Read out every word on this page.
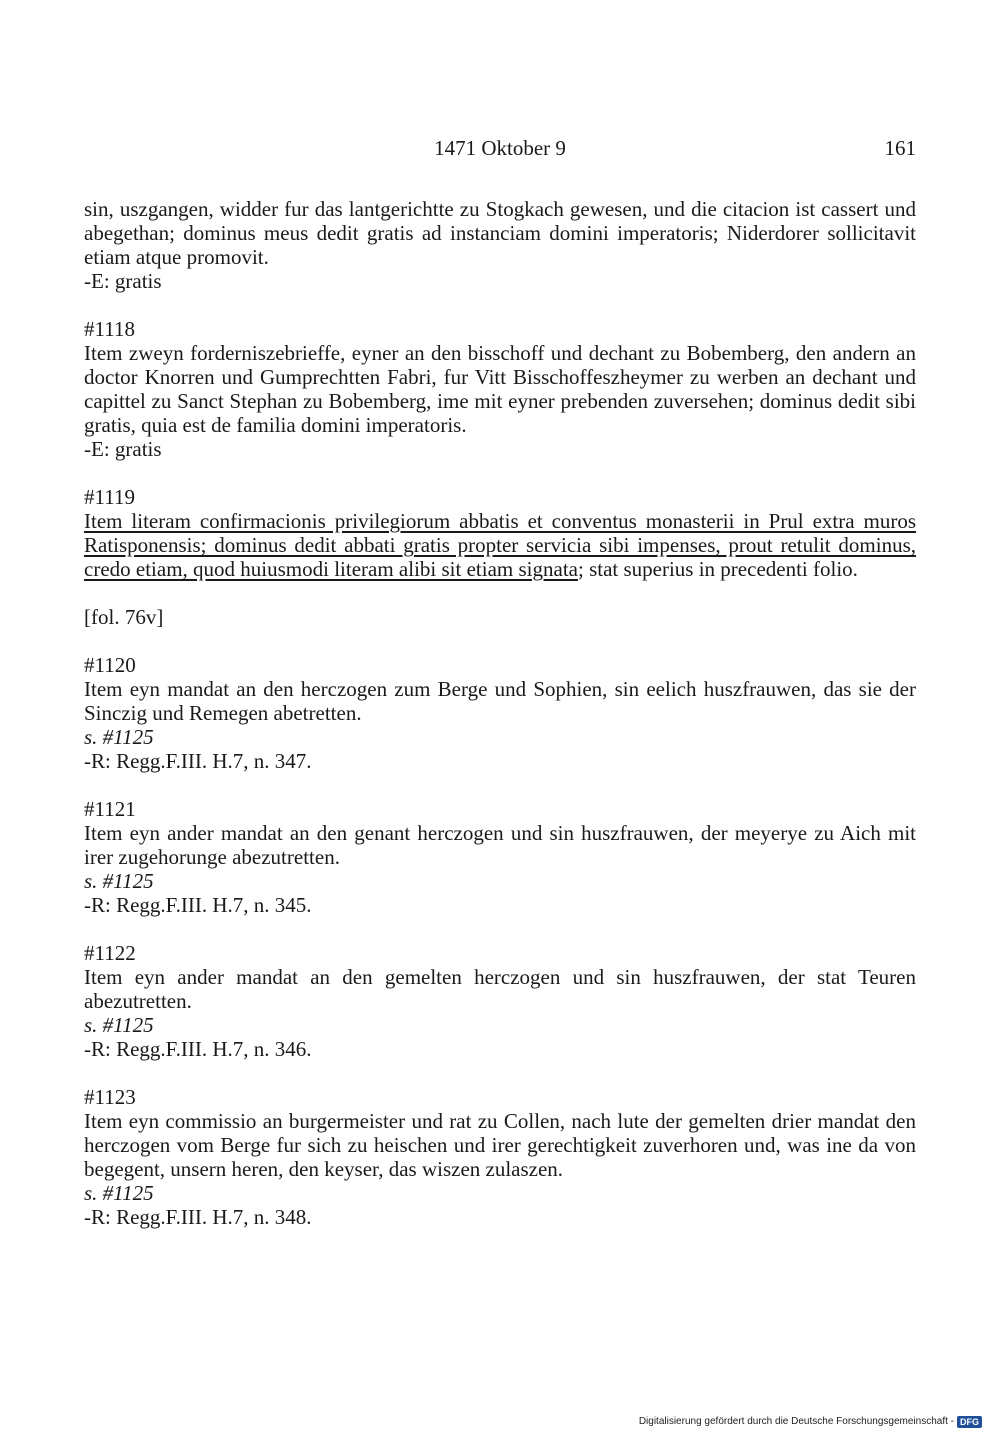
1471 Oktober 9	161

sin, uszgangen, widder fur das lantgerichtte zu Stogkach gewesen, und die citacion ist cassert und abegethan; dominus meus dedit gratis ad instanciam domini imperatoris; Niderdorer sollicitavit etiam atque promovit.

-E: gratis
#1118

Item zweyn forderniszebrieffe, eyner an den bisschoff und dechant zu Bobemberg, den andern an doctor Knorren und Gumprechtten Fabri, fur Vitt Bisschoffeszheymer zu werben an dechant und capittel zu Sanct Stephan zu Bobemberg, ime mit eyner prebenden zuversehen; dominus dedit sibi gratis, quia est de familia domini imperatoris.

-E: gratis
#1119

Item literam confirmacionis privilegiorum abbatis et conventus monasterii in Prul extra muros Ratisponensis; dominus dedit abbati gratis propter servicia sibi impenses, prout retulit dominus, credo etiam, quod huiusmodi literam alibi sit etiam signata; stat superius in precedenti folio.

[fol. 76v]
#1120

Item eyn mandat an den herczogen zum Berge und Sophien, sin eelich huszfrauwen, das sie der Sinczig und Remegen abetretten.

s. #1125
-R: Regg.F.III. H.7, n. 347.
#1121

Item eyn ander mandat an den genant herczogen und sin huszfrauwen, der meyerye zu Aich mit irer zugehorunge abezutretten.

s. #1125
-R: Regg.F.III. H.7, n. 345.
#1122

Item eyn ander mandat an den gemelten herczogen und sin huszfrauwen, der stat Teuren abezutretten.

s. #1125
-R: Regg.F.III. H.7, n. 346.
#1123

Item eyn commissio an burgermeister und rat zu Collen, nach lute der gemelten drier mandat den herczogen vom Berge fur sich zu heischen und irer gerechtigkeit zuverhoren und, was ine da von begegent, unsern heren, den keyser, das wiszen zulaszen.

s. #1125
-R: Regg.F.III. H.7, n. 348.
Digitalisierung gefördert durch die Deutsche Forschungsgemeinschaft - DFG
